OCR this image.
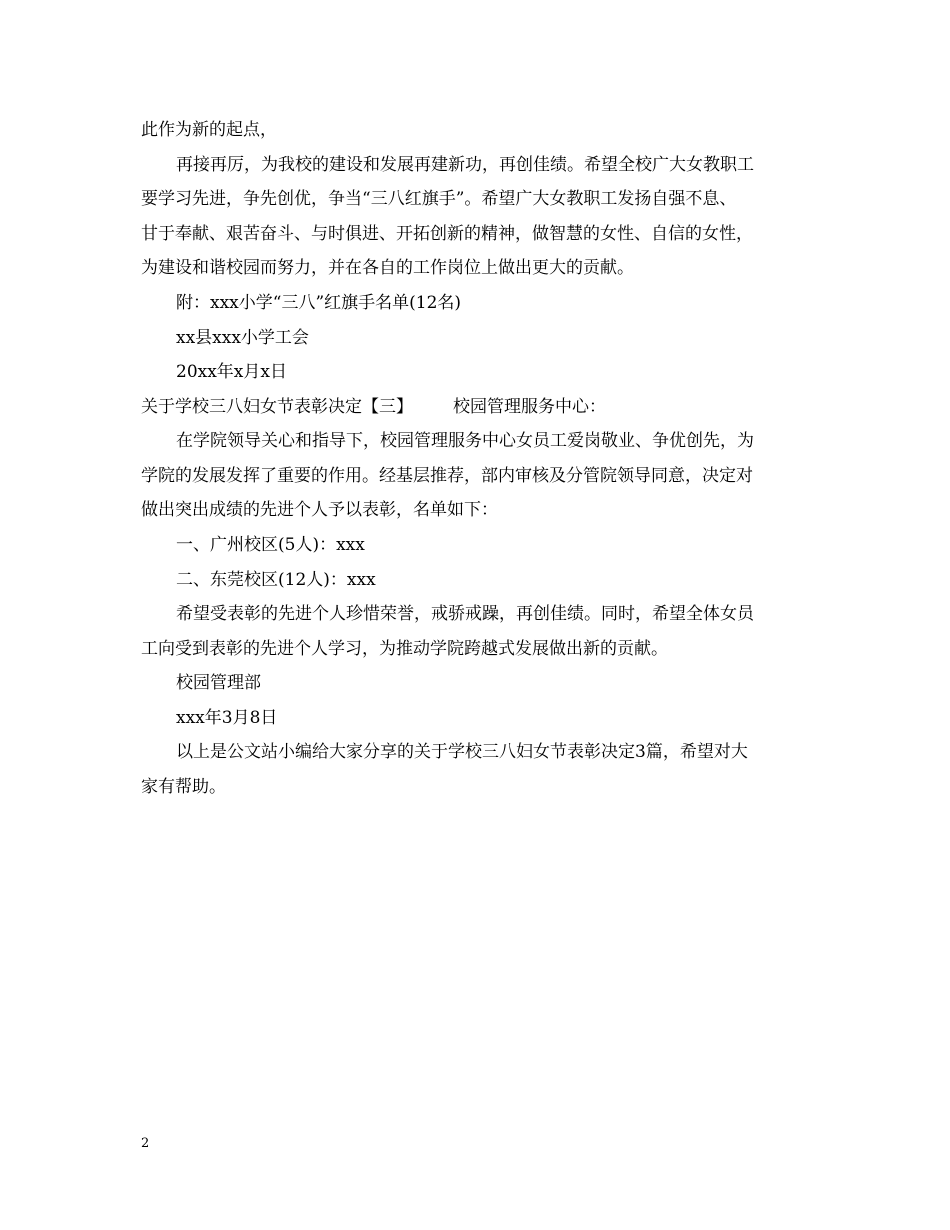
此作为新的起点，
再接再厉，为我校的建设和发展再建新功，再创佳绩。希望全校广大女教职工
要学习先进，争先创优，争当“三八红旗手”。希望广大女教职工发扬自强不息、
甘于奉献、艰苦奋斗、与时俱进、开拓创新的精神，做智慧的女性、自信的女性，
为建设和谐校园而努力，并在各自的工作岗位上做出更大的贡献。
附：xxx小学“三八”红旗手名单(12名)
xx县xxx小学工会
20xx年x月x日
关于学校三八妇女节表彰决定【三】 校园管理服务中心：
在学院领导关心和指导下，校园管理服务中心女员工爱岗敬业、争优创先，为
学院的发展发挥了重要的作用。经基层推荐，部内审核及分管院领导同意，决定对
做出突出成绩的先进个人予以表彰，名单如下：
一、广州校区(5人)：xxx
二、东莞校区(12人)：xxx
希望受表彰的先进个人珍惜荣誉，戒骄戒躁，再创佳绩。同时，希望全体女员
工向受到表彰的先进个人学习，为推动学院跨越式发展做出新的贡献。
校园管理部
xxx年3月8日
以上是公文站小编给大家分享的关于学校三八妇女节表彰决定3篇，希望对大
家有帮助。
2
